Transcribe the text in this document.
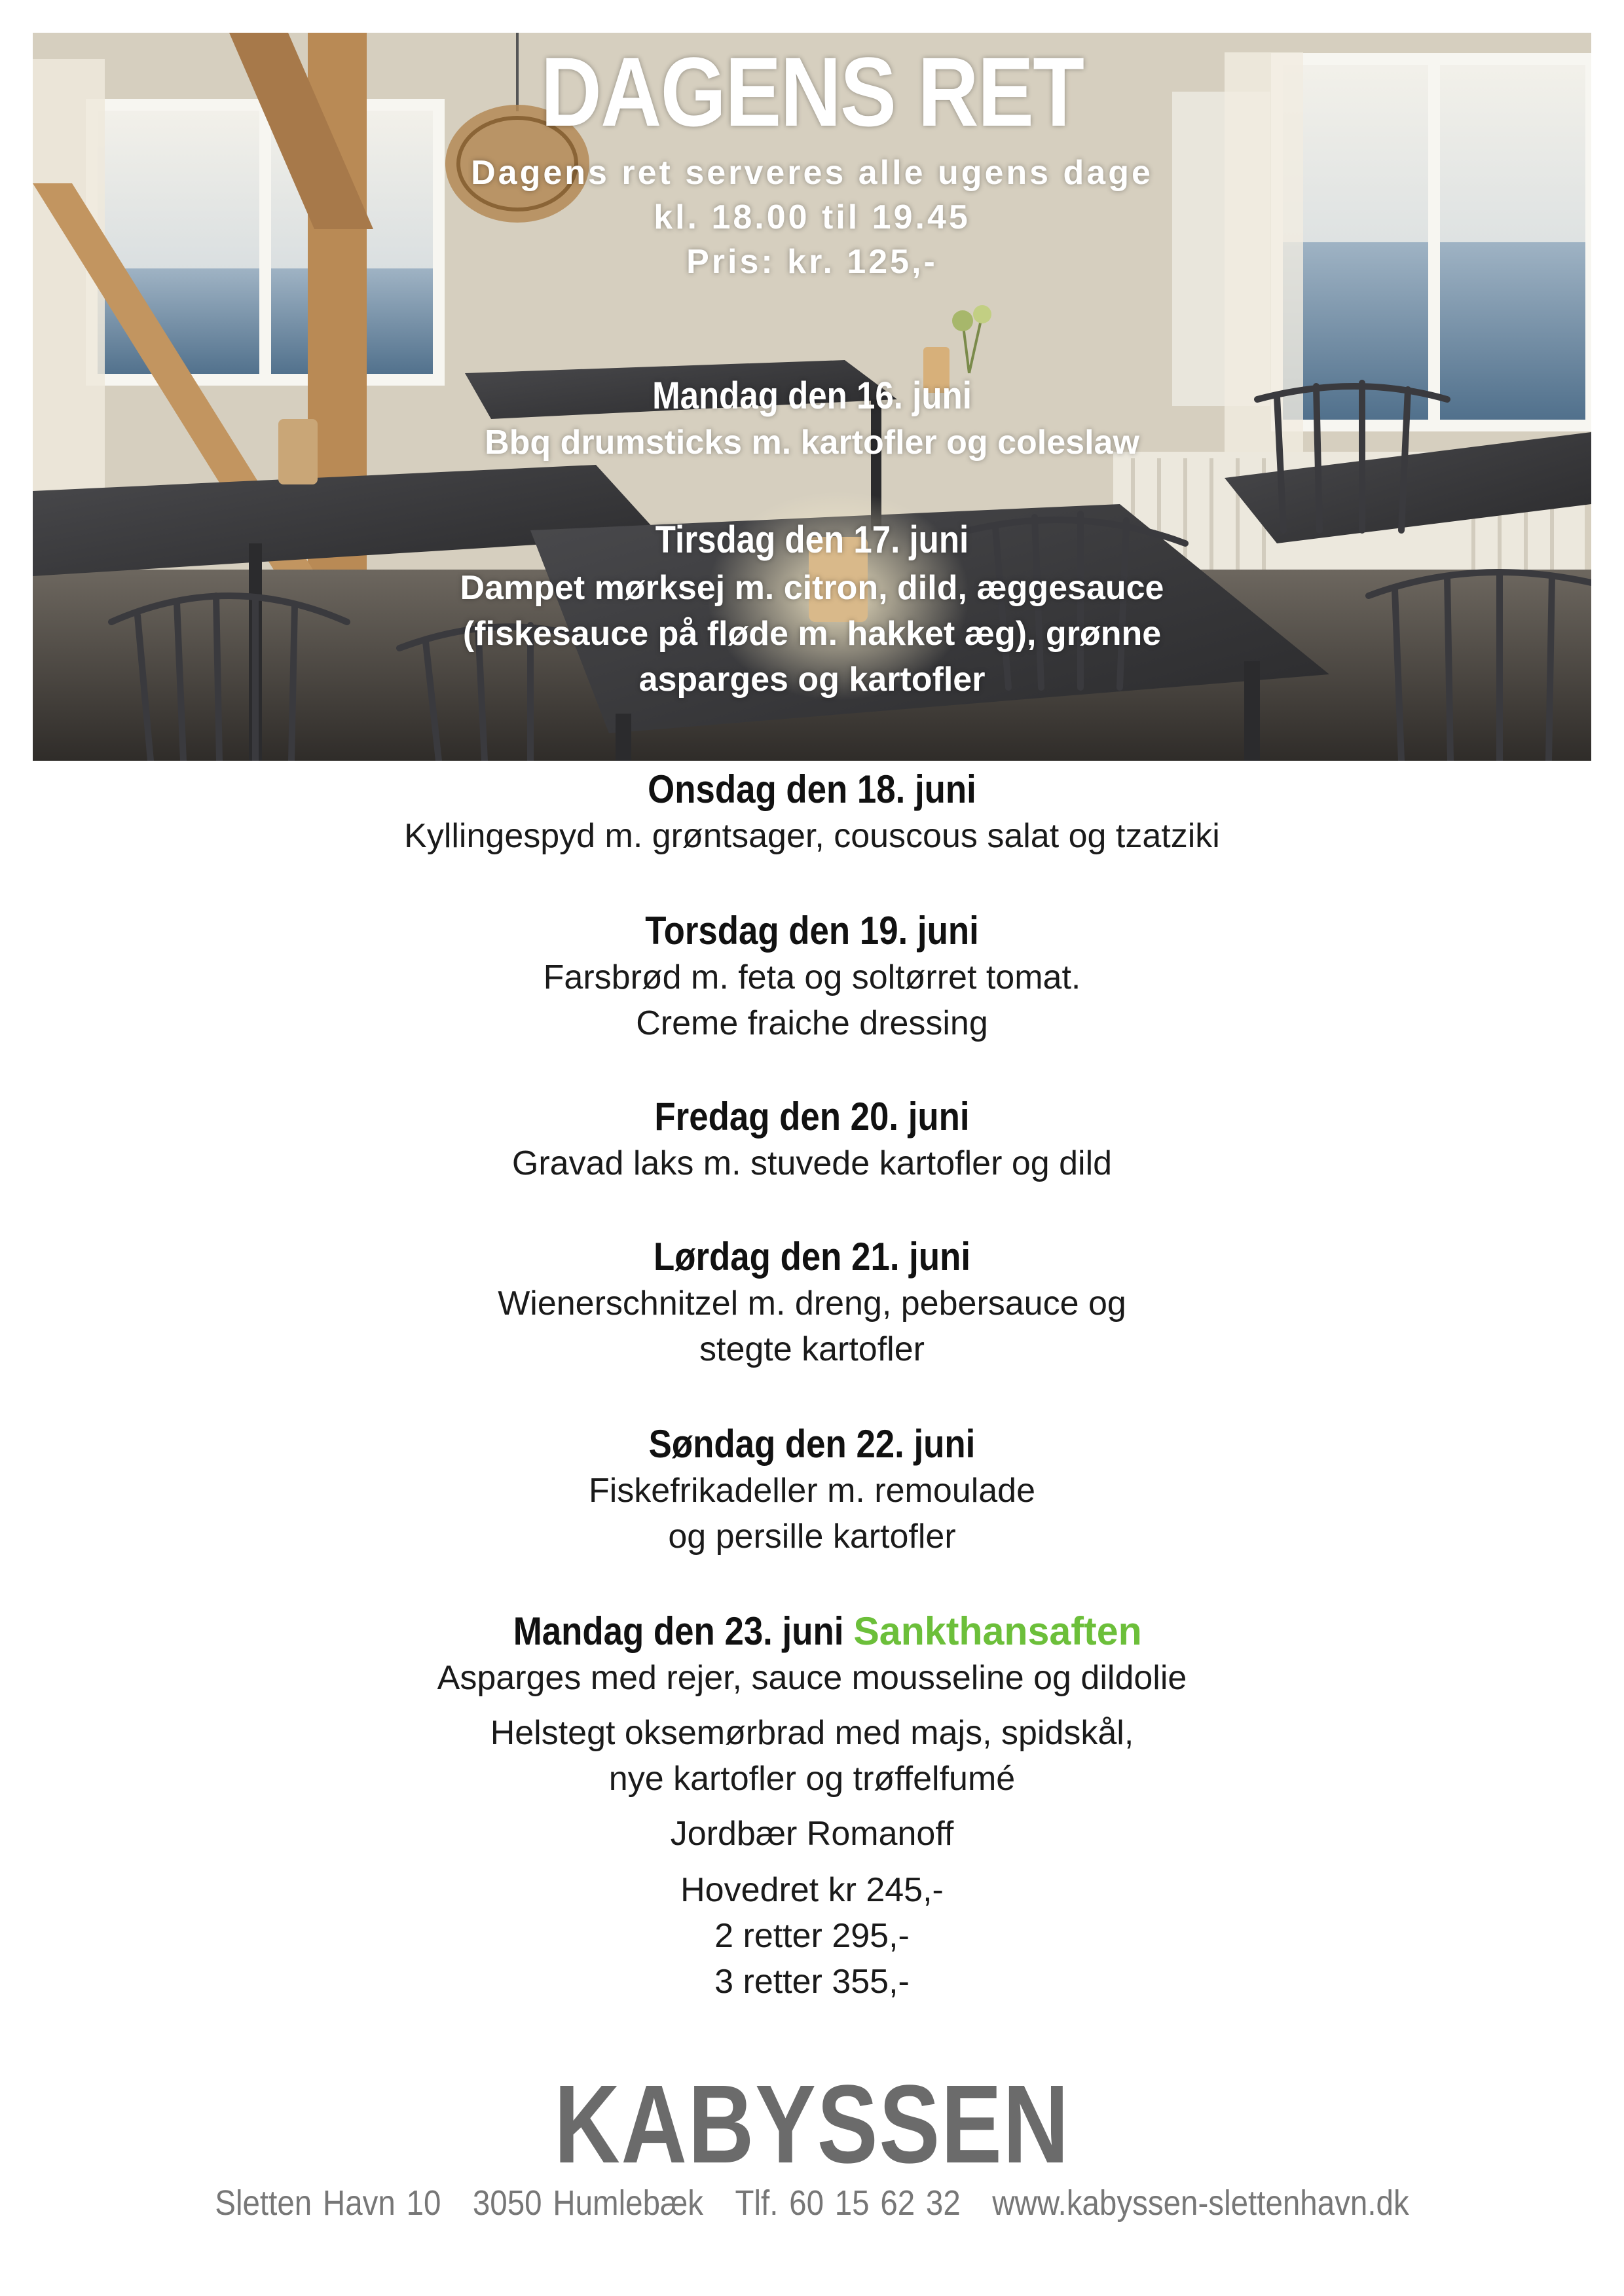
DAGENS RET
Dagens ret serveres alle ugens dage
kl. 18.00 til 19.45
Pris: kr. 125,-
Mandag den 16. juni
Bbq drumsticks m. kartofler og coleslaw
Tirsdag den 17. juni
Dampet mørksej m. citron, dild, æggesauce
(fiskesauce på fløde m. hakket æg), grønne
asparges og kartofler
Onsdag den 18. juni
Kyllingespyd m. grøntsager, couscous salat og tzatziki
Torsdag den 19. juni
Farsbrød m. feta og soltørret tomat.
Creme fraiche dressing
Fredag den 20. juni
Gravad laks m. stuvede kartofler og dild
Lørdag den 21. juni
Wienerschnitzel m. dreng, pebersauce og
stegte kartofler
Søndag den 22. juni
Fiskefrikadeller m. remoulade
og persille kartofler
Mandag den 23. juni Sankthansaften
Asparges med rejer, sauce mousseline og dildolie
Helstegt oksemørbrad med majs, spidskål,
nye kartofler og trøffelfumé
Jordbær Romanoff
Hovedret kr 245,-
2 retter 295,-
3 retter 355,-
KABYSSEN
Sletten Havn 10 3050 Humlebæk Tlf. 60 15 62 32 www.kabyssen-slettenhavn.dk
